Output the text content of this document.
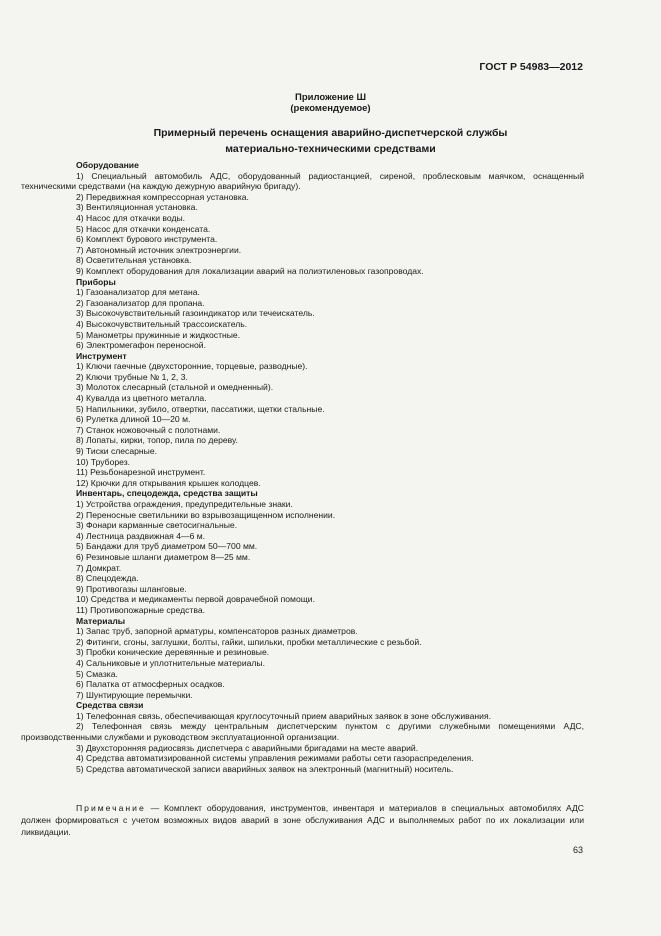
ГОСТ Р 54983—2012
Приложение Ш
(рекомендуемое)
Примерный перечень оснащения аварийно-диспетчерской службы
материально-техническими средствами
Оборудование
1) Специальный автомобиль АДС, оборудованный радиостанцией, сиреной, проблесковым маячком, оснащенный техническими средствами (на каждую дежурную аварийную бригаду).
2) Передвижная компрессорная установка.
3) Вентиляционная установка.
4) Насос для откачки воды.
5) Насос для откачки конденсата.
6) Комплект бурового инструмента.
7) Автономный источник электроэнергии.
8) Осветительная установка.
9) Комплект оборудования для локализации аварий на полиэтиленовых газопроводах.
Приборы
1) Газоанализатор для метана.
2) Газоанализатор для пропана.
3) Высокочувствительный газоиндикатор или течеискатель.
4) Высокочувствительный трассоискатель.
5) Манометры пружинные и жидкостные.
6) Электромегафон переносной.
Инструмент
1) Ключи гаечные (двухсторонние, торцевые, разводные).
2) Ключи трубные № 1, 2, 3.
3) Молоток слесарный (стальной и омедненный).
4) Кувалда из цветного металла.
5) Напильники, зубило, отвертки, пассатижи, щетки стальные.
6) Рулетка длиной 10—20 м.
7) Станок ножовочный с полотнами.
8) Лопаты, кирки, топор, пила по дереву.
9) Тиски слесарные.
10) Труборез.
11) Резьбонарезной инструмент.
12) Крючки для открывания крышек колодцев.
Инвентарь, спецодежда, средства защиты
1) Устройства ограждения, предупредительные знаки.
2) Переносные светильники во взрывозащищенном исполнении.
3) Фонари карманные светосигнальные.
4) Лестница раздвижная 4—6 м.
5) Бандажи для труб диаметром 50—700 мм.
6) Резиновые шланги диаметром 8—25 мм.
7) Домкрат.
8) Спецодежда.
9) Противогазы шланговые.
10) Средства и медикаменты первой доврачебной помощи.
11) Противопожарные средства.
Материалы
1) Запас труб, запорной арматуры, компенсаторов разных диаметров.
2) Фитинги, сгоны, заглушки, болты, гайки, шпильки, пробки металлические с резьбой.
3) Пробки конические деревянные и резиновые.
4) Сальниковые и уплотнительные материалы.
5) Смазка.
6) Палатка от атмосферных осадков.
7) Шунтирующие перемычки.
Средства связи
1) Телефонная связь, обеспечивающая круглосуточный прием аварийных заявок в зоне обслуживания.
2) Телефонная связь между центральным диспетчерским пунктом с другими служебными помещениями АДС, производственными службами и руководством эксплуатационной организации.
3) Двухсторонняя радиосвязь диспетчера с аварийными бригадами на месте аварий.
4) Средства автоматизированной системы управления режимами работы сети газораспределения.
5) Средства автоматической записи аварийных заявок на электронный (магнитный) носитель.
Примечание — Комплект оборудования, инструментов, инвентаря и материалов в специальных автомобилях АДС должен формироваться с учетом возможных видов аварий в зоне обслуживания АДС и выполняемых работ по их локализации или ликвидации.
63
